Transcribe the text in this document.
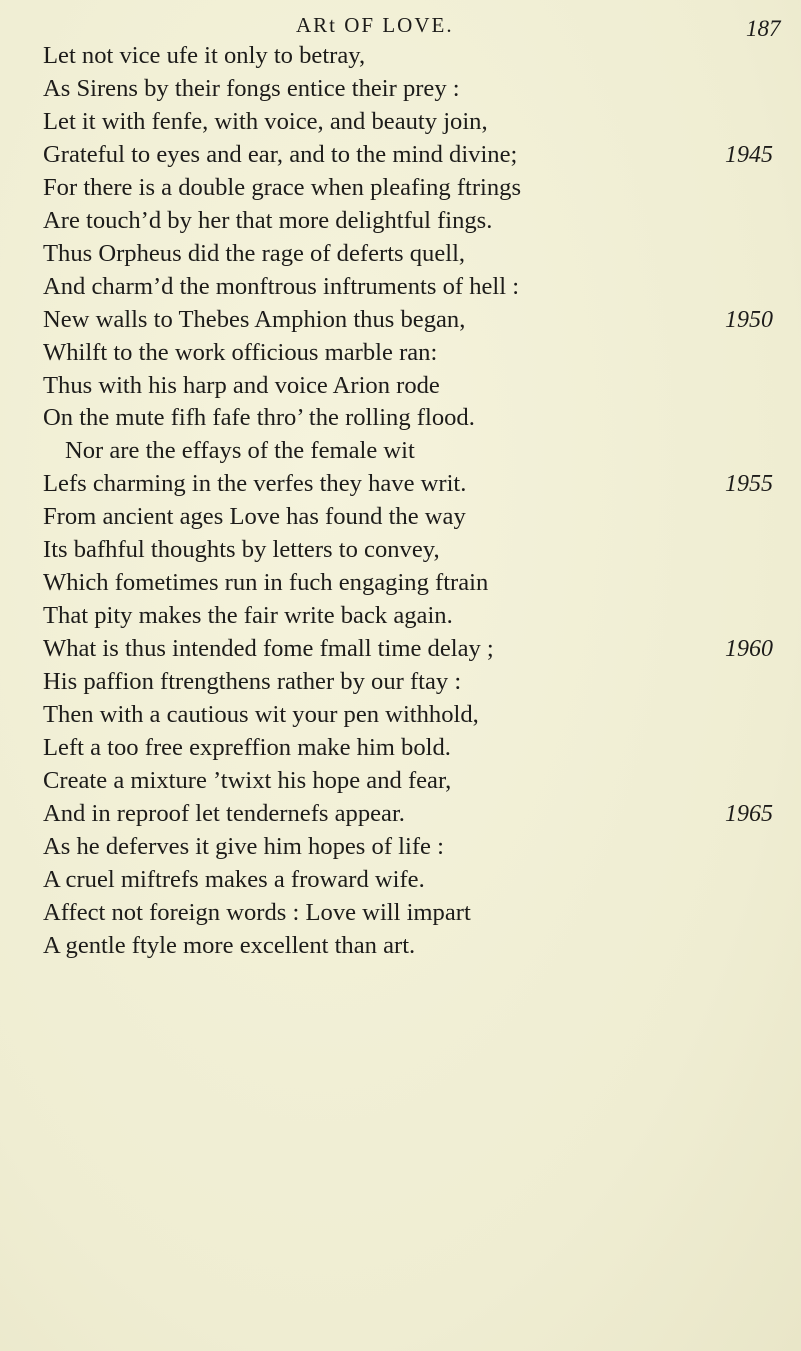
ARt OF LOVE.	187
Let not vice ufe it only to betray,
As Sirens by their fongs entice their prey :
Let it with fenfe, with voice, and beauty join,
Grateful to eyes and ear, and to the mind divine;	1945
For there is a double grace when pleafing ftrings
Are touch’d by her that more delightful fings.
Thus Orpheus did the rage of deferts quell,
And charm’d the monftrous inftruments of hell :
New walls to Thebes Amphion thus began,	1950
Whilft to the work officious marble ran:
Thus with his harp and voice Arion rode
On the mute fifh fafe thro’ the rolling flood.
Nor are the effays of the female wit
Lefs charming in the verfes they have writ.	1955
From ancient ages Love has found the way
Its bafhful thoughts by letters to convey,
Which fometimes run in fuch engaging ftrain
That pity makes the fair write back again.
What is thus intended fome fmall time delay ;	1960
His paffion ftrengthens rather by our ftay :
Then with a cautious wit your pen withhold,
Left a too free expreffion make him bold.
Create a mixture ’twixt his hope and fear,
And in reproof let tendernefs appear.	1965
As he deferves it give him hopes of life :
A cruel miftrefs makes a froward wife.
Affect not foreign words : Love will impart
A gentle ftyle more excellent than art.
